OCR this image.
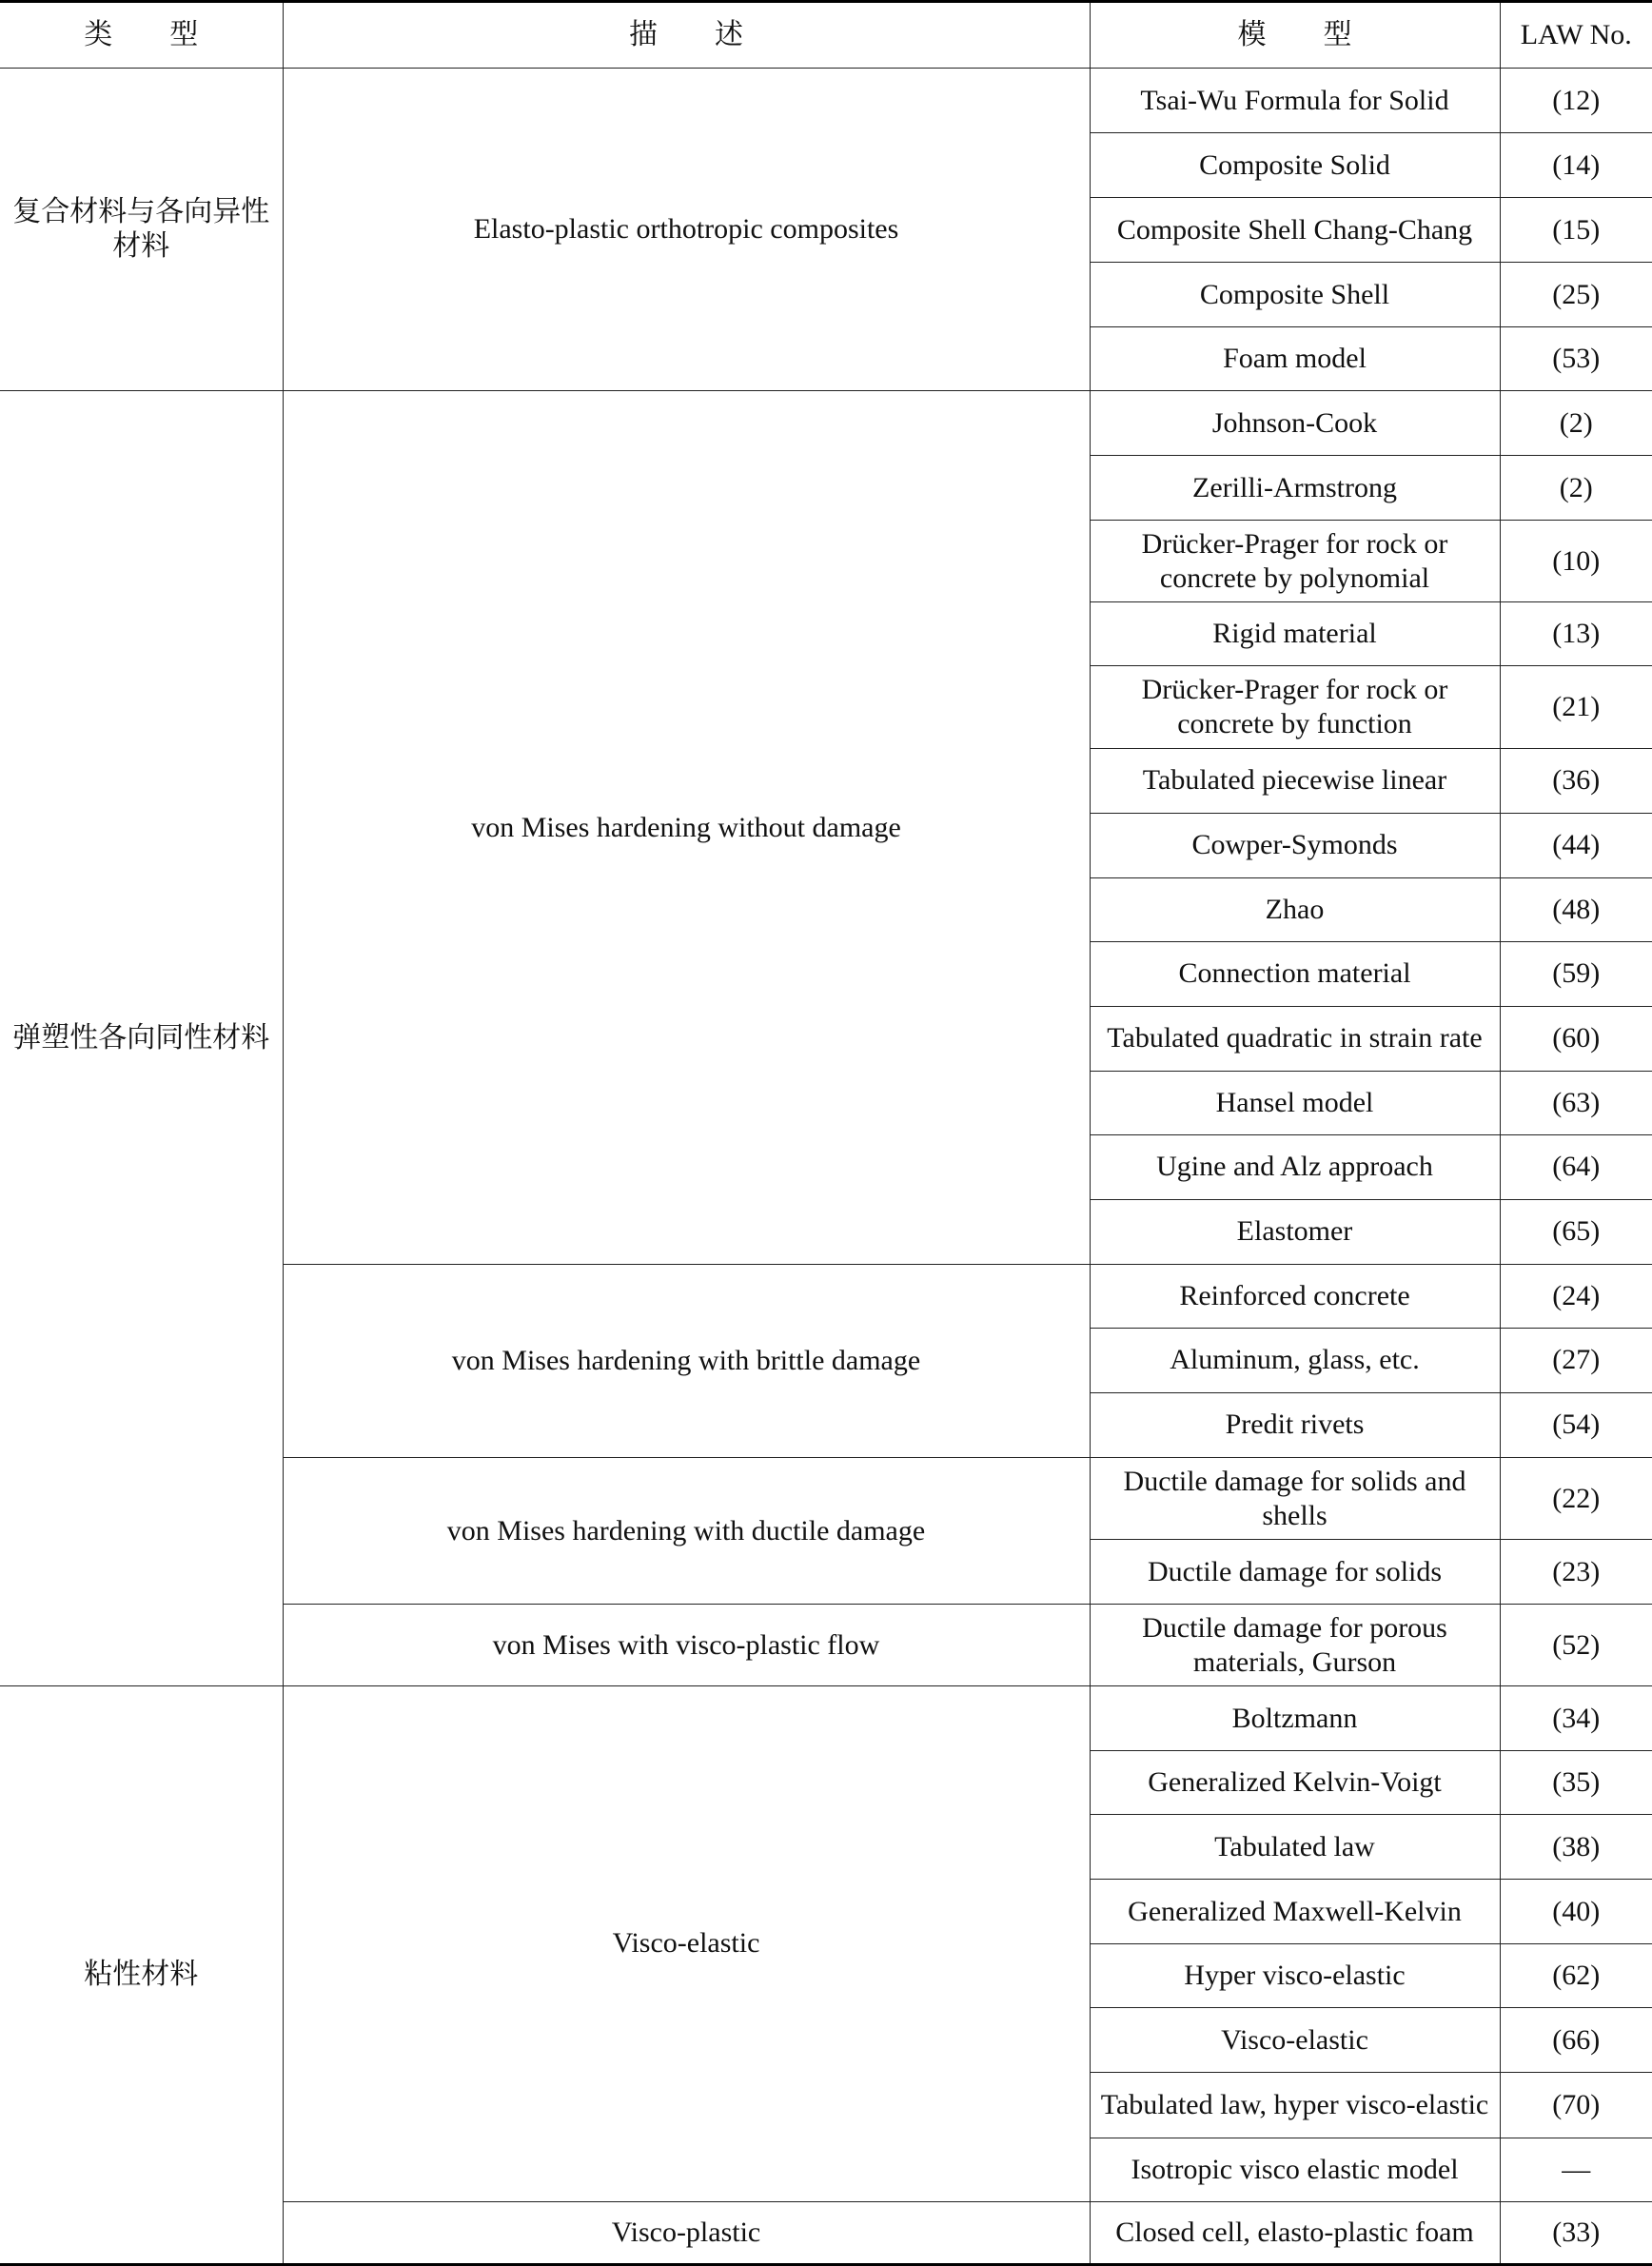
类　　型	描　　述	模　　型	LAW No.
复合材料与各向异性材料	Elasto-plastic orthotropic composites	Tsai-Wu Formula for Solid	(12)
		Composite Solid	(14)
		Composite Shell Chang-Chang	(15)
		Composite Shell	(25)
		Foam model	(53)
弹塑性各向同性材料	von Mises hardening without damage	Johnson-Cook	(2)
		Zerilli-Armstrong	(2)
		Drücker-Prager for rock or concrete by polynomial	(10)
		Rigid material	(13)
		Drücker-Prager for rock or concrete by function	(21)
		Tabulated piecewise linear	(36)
		Cowper-Symonds	(44)
		Zhao	(48)
		Connection material	(59)
		Tabulated quadratic in strain rate	(60)
		Hansel model	(63)
		Ugine and Alz approach	(64)
		Elastomer	(65)
	von Mises hardening with brittle damage	Reinforced concrete	(24)
		Aluminum, glass, etc.	(27)
		Predit rivets	(54)
	von Mises hardening with ductile damage	Ductile damage for solids and shells	(22)
		Ductile damage for solids	(23)
	von Mises with visco-plastic flow	Ductile damage for porous materials, Gurson	(52)
粘性材料	Visco-elastic	Boltzmann	(34)
		Generalized Kelvin-Voigt	(35)
		Tabulated law	(38)
		Generalized Maxwell-Kelvin	(40)
		Hyper visco-elastic	(62)
		Visco-elastic	(66)
		Tabulated law, hyper visco-elastic	(70)
		Isotropic visco elastic model	—
	Visco-plastic	Closed cell, elasto-plastic foam	(33)
